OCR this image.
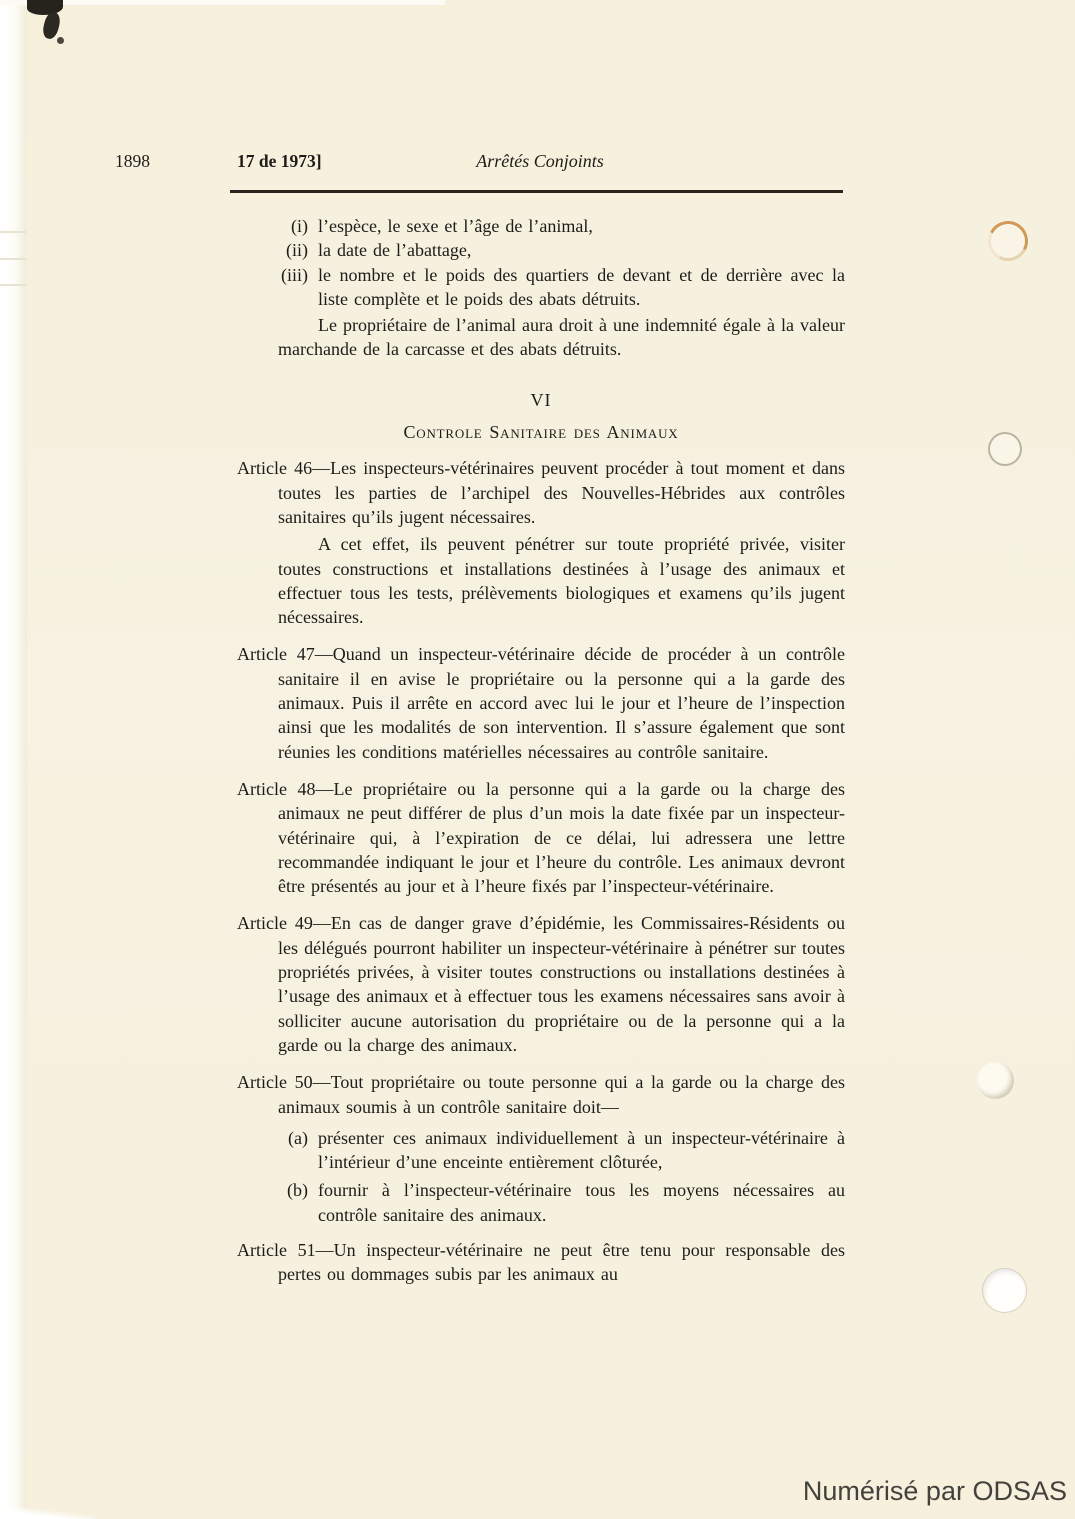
1898	17 de 1973]	Arrêtés Conjoints
(i) l’espèce, le sexe et l’âge de l’animal,
(ii) la date de l’abattage,
(iii) le nombre et le poids des quartiers de devant et de derrière avec la liste complète et le poids des abats détruits.

Le propriétaire de l’animal aura droit à une indemnité égale à la valeur marchande de la carcasse et des abats détruits.

VI
Controle Sanitaire des Animaux

Article 46—Les inspecteurs-vétérinaires peuvent procéder à tout moment et dans toutes les parties de l’archipel des Nouvelles-Hébrides aux contrôles sanitaires qu’ils jugent nécessaires.

A cet effet, ils peuvent pénétrer sur toute propriété privée, visiter toutes constructions et installations destinées à l’usage des animaux et effectuer tous les tests, prélèvements biologiques et examens qu’ils jugent nécessaires.

Article 47—Quand un inspecteur-vétérinaire décide de procéder à un contrôle sanitaire il en avise le propriétaire ou la personne qui a la garde des animaux. Puis il arrête en accord avec lui le jour et l’heure de l’inspection ainsi que les modalités de son intervention. Il s’assure également que sont réunies les conditions matérielles nécessaires au contrôle sanitaire.

Article 48—Le propriétaire ou la personne qui a la garde ou la charge des animaux ne peut différer de plus d’un mois la date fixée par un inspecteur-vétérinaire qui, à l’expiration de ce délai, lui adressera une lettre recommandée indiquant le jour et l’heure du contrôle. Les animaux devront être présentés au jour et à l’heure fixés par l’inspecteur-vétérinaire.

Article 49—En cas de danger grave d’épidémie, les Commissaires-Résidents ou les délégués pourront habiliter un inspecteur-vétérinaire à pénétrer sur toutes propriétés privées, à visiter toutes constructions ou installations destinées à l’usage des animaux et à effectuer tous les examens nécessaires sans avoir à solliciter aucune autorisation du propriétaire ou de la personne qui a la garde ou la charge des animaux.

Article 50—Tout propriétaire ou toute personne qui a la garde ou la charge des animaux soumis à un contrôle sanitaire doit—

(a) présenter ces animaux individuellement à un inspecteur-vétérinaire à l’intérieur d’une enceinte entièrement clôturée,
(b) fournir à l’inspecteur-vétérinaire tous les moyens nécessaires au contrôle sanitaire des animaux.

Article 51—Un inspecteur-vétérinaire ne peut être tenu pour responsable des pertes ou dommages subis par les animaux au

Numérisé par ODSAS
